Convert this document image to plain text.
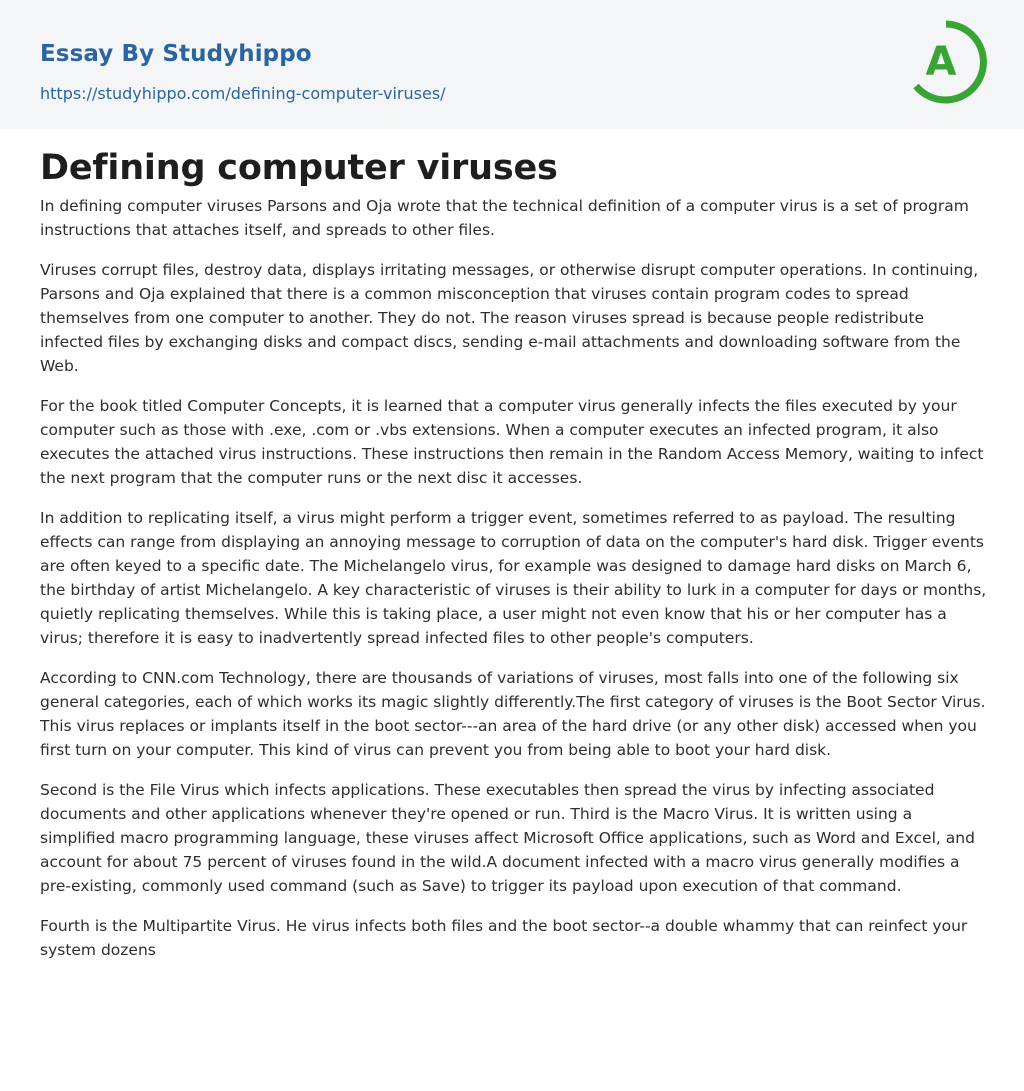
Essay By Studyhippo
https://studyhippo.com/defining-computer-viruses/
A
Defining computer viruses

In defining computer viruses Parsons and Oja wrote that the technical definition of a computer virus is a set of program instructions that attaches itself, and spreads to other files.

Viruses corrupt files, destroy data, displays irritating messages, or otherwise disrupt computer operations. In continuing, Parsons and Oja explained that there is a common misconception that viruses contain program codes to spread themselves from one computer to another. They do not. The reason viruses spread is because people redistribute infected files by exchanging disks and compact discs, sending e-mail attachments and downloading software from the Web.

For the book titled Computer Concepts, it is learned that a computer virus generally infects the files executed by your computer such as those with .exe, .com or .vbs extensions. When a computer executes an infected program, it also executes the attached virus instructions. These instructions then remain in the Random Access Memory, waiting to infect the next program that the computer runs or the next disc it accesses.

In addition to replicating itself, a virus might perform a trigger event, sometimes referred to as payload. The resulting effects can range from displaying an annoying message to corruption of data on the computer's hard disk. Trigger events are often keyed to a specific date. The Michelangelo virus, for example was designed to damage hard disks on March 6, the birthday of artist Michelangelo. A key characteristic of viruses is their ability to lurk in a computer for days or months, quietly replicating themselves. While this is taking place, a user might not even know that his or her computer has a virus; therefore it is easy to inadvertently spread infected files to other people's computers.

According to CNN.com Technology, there are thousands of variations of viruses, most falls into one of the following six general categories, each of which works its magic slightly differently.The first category of viruses is the Boot Sector Virus. This virus replaces or implants itself in the boot sector---an area of the hard drive (or any other disk) accessed when you first turn on your computer. This kind of virus can prevent you from being able to boot your hard disk.

Second is the File Virus which infects applications. These executables then spread the virus by infecting associated documents and other applications whenever they're opened or run. Third is the Macro Virus. It is written using a simplified macro programming language, these viruses affect Microsoft Office applications, such as Word and Excel, and account for about 75 percent of viruses found in the wild.A document infected with a macro virus generally modifies a pre-existing, commonly used command (such as Save) to trigger its payload upon execution of that command.

Fourth is the Multipartite Virus. He virus infects both files and the boot sector--a double whammy that can reinfect your system dozens
